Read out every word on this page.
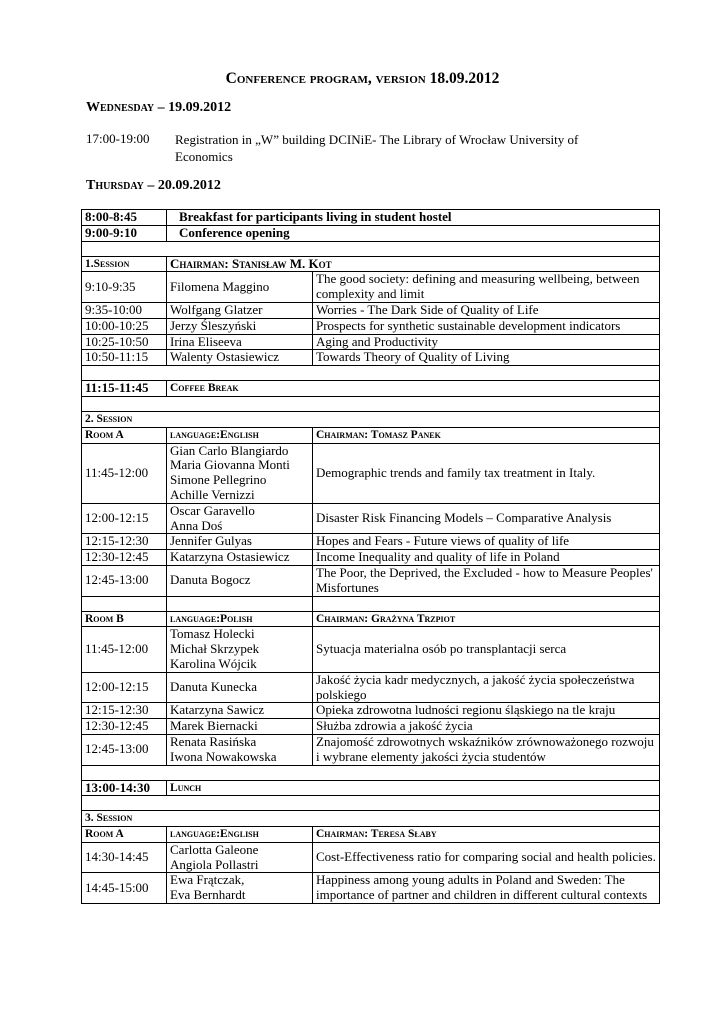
Conference program, version 18.09.2012
Wednesday – 19.09.2012
17:00-19:00 Registration in „W” building DCINiE- The Library of Wrocław University of Economics
Thursday – 20.09.2012
8:00-8:45	Breakfast for participants living in student hostel	
9:00-9:10	Conference opening	

1.Session	Chairman: Stanisław M. Kot	
9:10-9:35	Filomena Maggino	The good society: defining and measuring wellbeing, between complexity and limit
9:35-10:00	Wolfgang Glatzer	Worries - The Dark Side of Quality of Life
10:00-10:25	Jerzy Śleszyński	Prospects for synthetic sustainable development indicators
10:25-10:50	Irina Eliseeva	Aging and Productivity
10:50-11:15	Walenty Ostasiewicz	Towards Theory of Quality of Living

11:15-11:45	Coffee Break	

2. Session		
Room A	language:English	Chairman: Tomasz Panek
11:45-12:00	Gian Carlo Blangiardo
Maria Giovanna Monti
Simone Pellegrino
Achille Vernizzi	Demographic trends and family tax treatment in Italy.
12:00-12:15	Oscar Garavello
Anna Doś	Disaster Risk Financing Models – Comparative Analysis
12:15-12:30	Jennifer Gulyas	Hopes and Fears - Future views of quality of life
12:30-12:45	Katarzyna Ostasiewicz	Income Inequality and quality of life in Poland
12:45-13:00	Danuta Bogocz	The Poor, the Deprived, the Excluded - how to Measure Peoples' Misfortunes

Room B	language:Polish	Chairman: Grażyna Trzpiot
11:45-12:00	Tomasz Holecki
Michał Skrzypek
Karolina Wójcik	Sytuacja materialna osób po transplantacji serca
12:00-12:15	Danuta Kunecka	Jakość życia kadr medycznych, a jakość życia społeczeństwa polskiego
12:15-12:30	Katarzyna Sawicz	Opieka zdrowotna ludności regionu śląskiego na tle kraju
12:30-12:45	Marek Biernacki	Służba zdrowia a jakość życia
12:45-13:00	Renata Rasińska
Iwona Nowakowska	Znajomość zdrowotnych wskaźników zrównoważonego rozwoju i wybrane elementy jakości życia studentów

13:00-14:30	Lunch	

3. Session		
Room A	language:English	Chairman: Teresa Słaby
14:30-14:45	Carlotta Galeone
Angiola Pollastri	Cost-Effectiveness ratio for comparing social and health policies.
14:45-15:00	Ewa Frątczak,
Eva Bernhardt	Happiness among young adults in Poland and Sweden: The importance of partner and children in different cultural contexts
